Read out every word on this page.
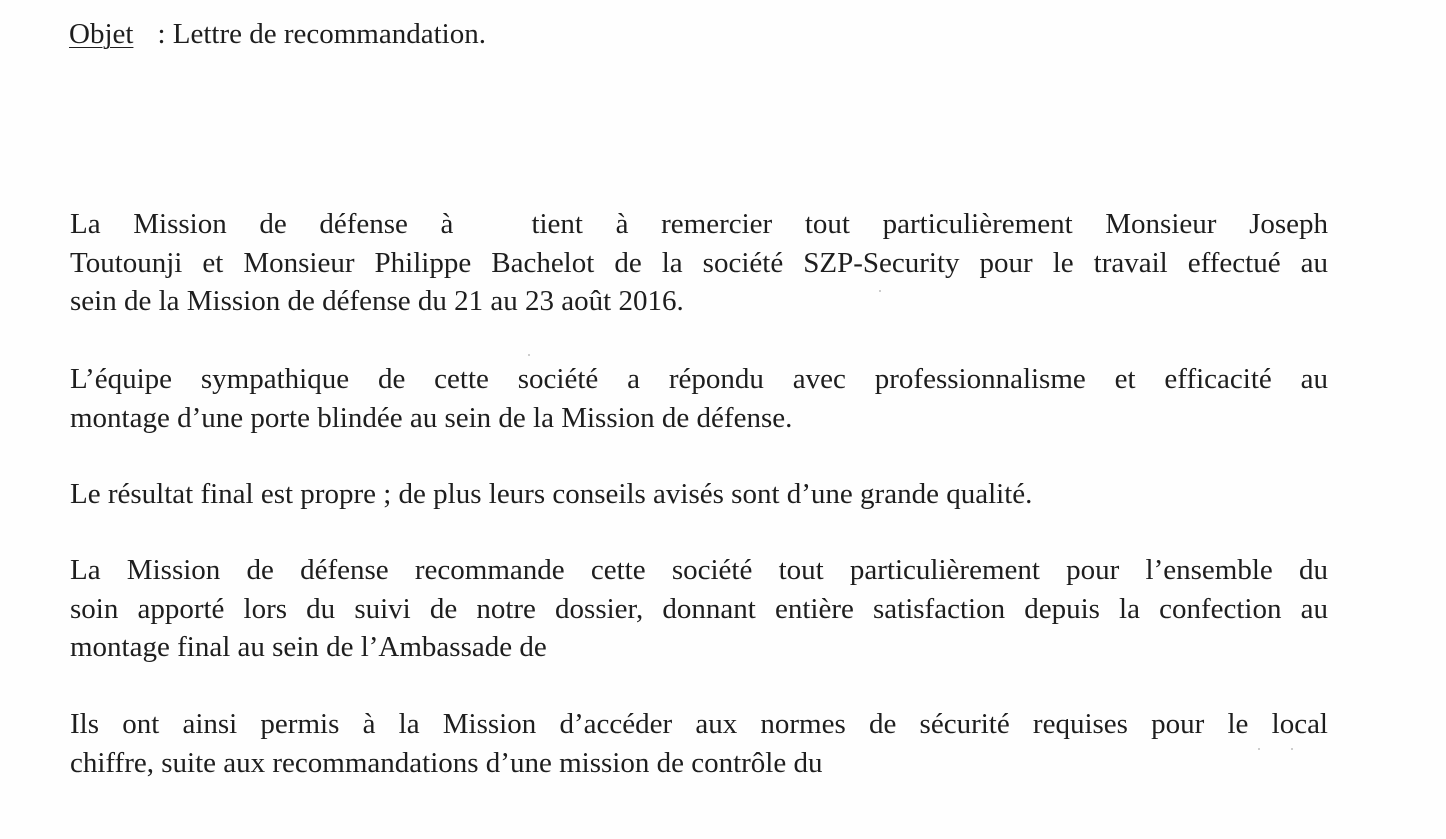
Objet : Lettre de recommandation.

La Mission de défense à	tient à remercier tout particulièrement Monsieur Joseph
Toutounji et Monsieur Philippe Bachelot de la société SZP-Security pour le travail effectué au
sein de la Mission de défense du 21 au 23 août 2016.

L’équipe sympathique de cette société a répondu avec professionnalisme et efficacité au
montage d’une porte blindée au sein de la Mission de défense.

Le résultat final est propre ; de plus leurs conseils avisés sont d’une grande qualité.

La Mission de défense recommande cette société tout particulièrement pour l’ensemble du
soin apporté lors du suivi de notre dossier, donnant entière satisfaction depuis la confection au
montage final au sein de l’Ambassade de

Ils ont ainsi permis à la Mission d’accéder aux normes de sécurité requises pour le local
chiffre, suite aux recommandations d’une mission de contrôle du
